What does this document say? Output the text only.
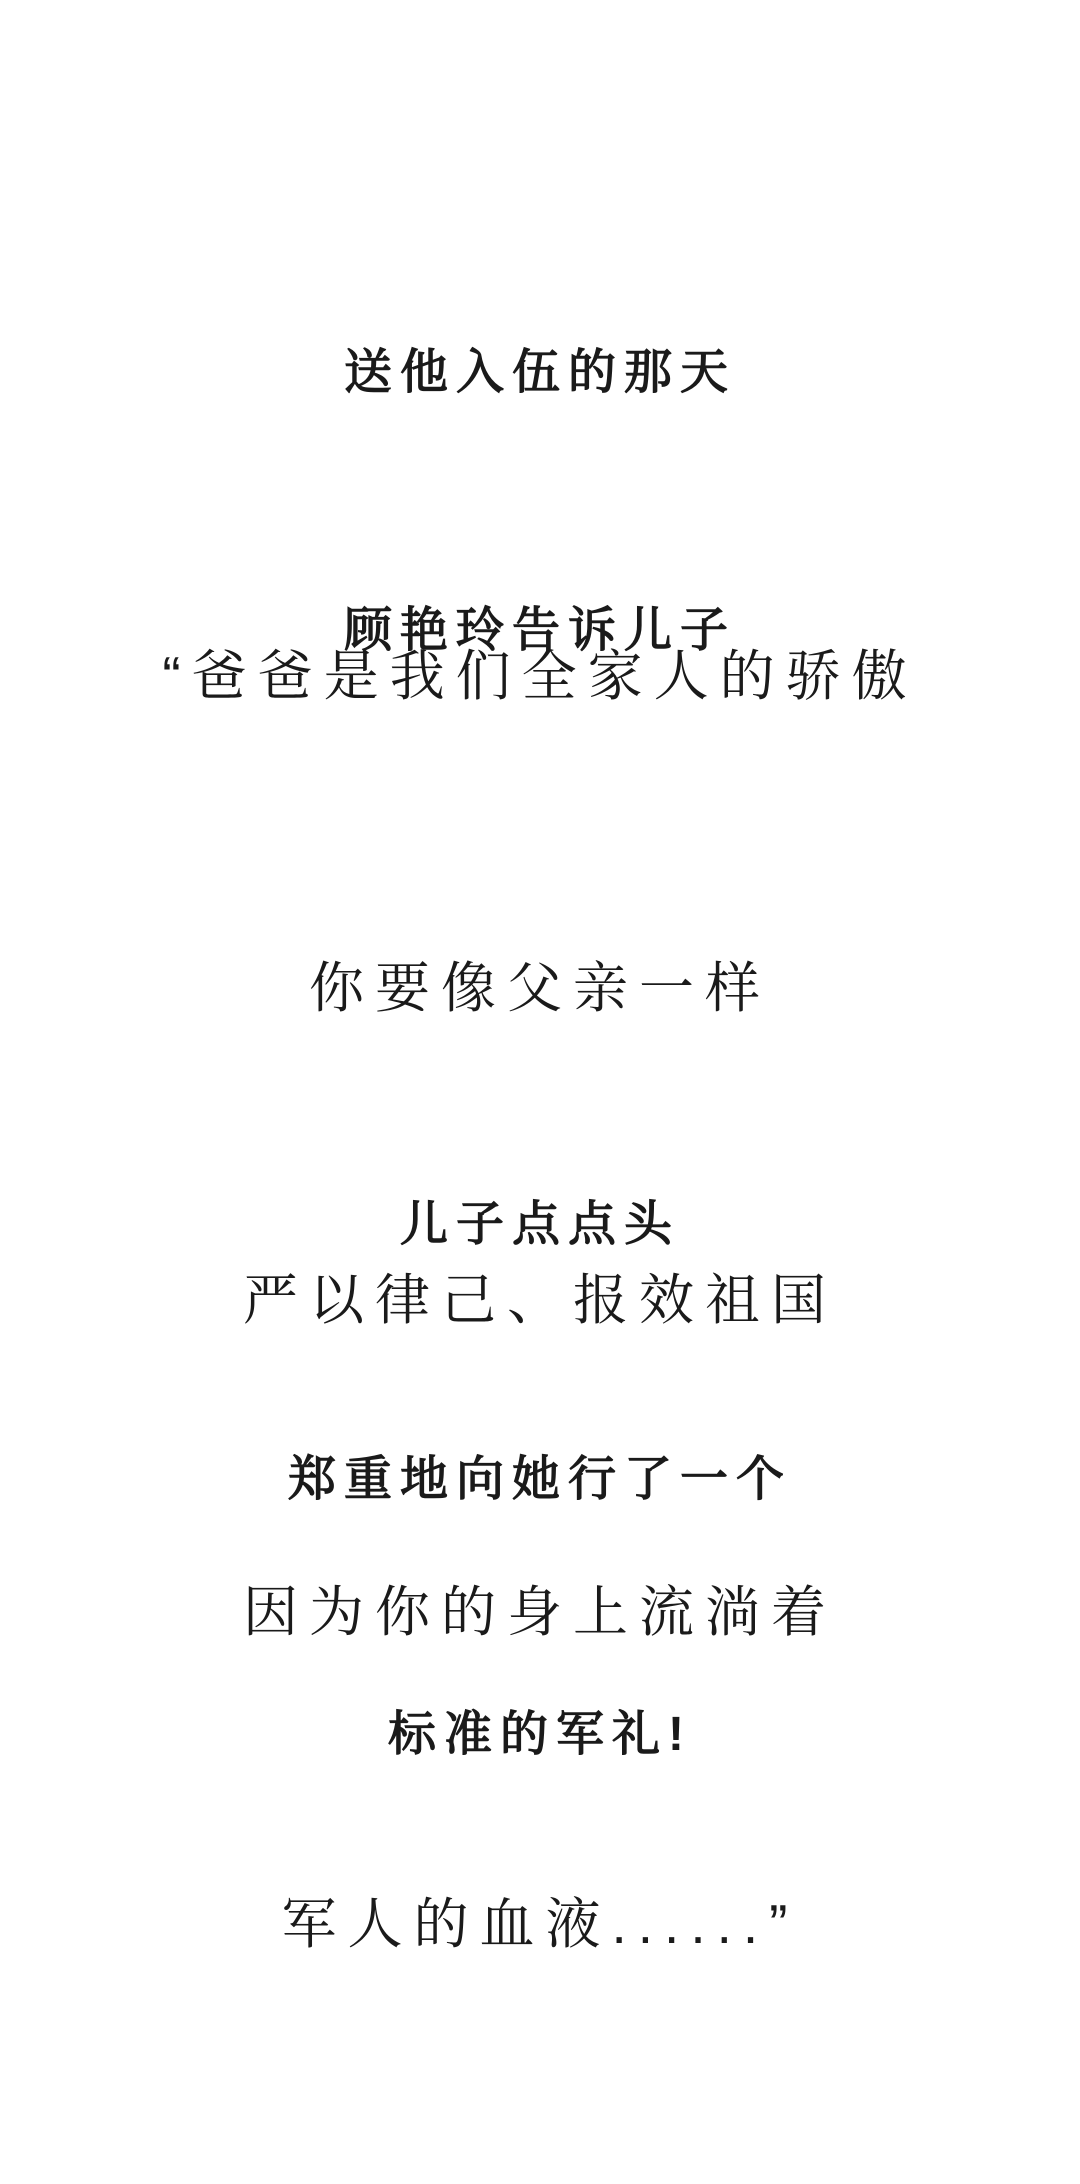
送他入伍的那天

顾艳玲告诉儿子

“爸爸是我们全家人的骄傲

你要像父亲一样

严以律己、报效祖国

因为你的身上流淌着

军人的血液......”

儿子点点头

郑重地向她行了一个

标准的军礼!
